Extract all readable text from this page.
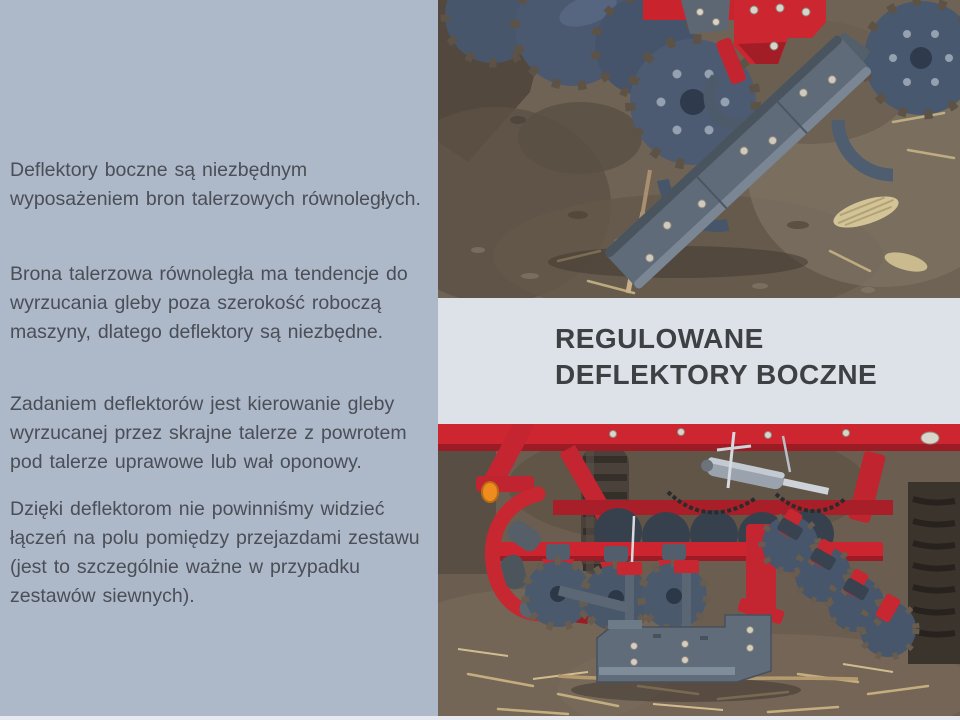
Deflektory boczne są niezbędnym
wyposażeniem bron talerzowych równoległych.
Brona talerzowa równoległa ma tendencje do
wyrzucania gleby poza szerokość roboczą
maszyny, dlatego deflektory są niezbędne.
Zadaniem deflektorów jest kierowanie gleby
wyrzucanej przez skrajne talerze z powrotem
pod talerze uprawowe lub wał oponowy.
Dzięki deflektorom nie powinniśmy widzieć
łączeń na polu pomiędzy przejazdami zestawu
(jest to szczególnie ważne w przypadku
zestawów siewnych).
REGULOWANE
DEFLEKTORY BOCZNE
